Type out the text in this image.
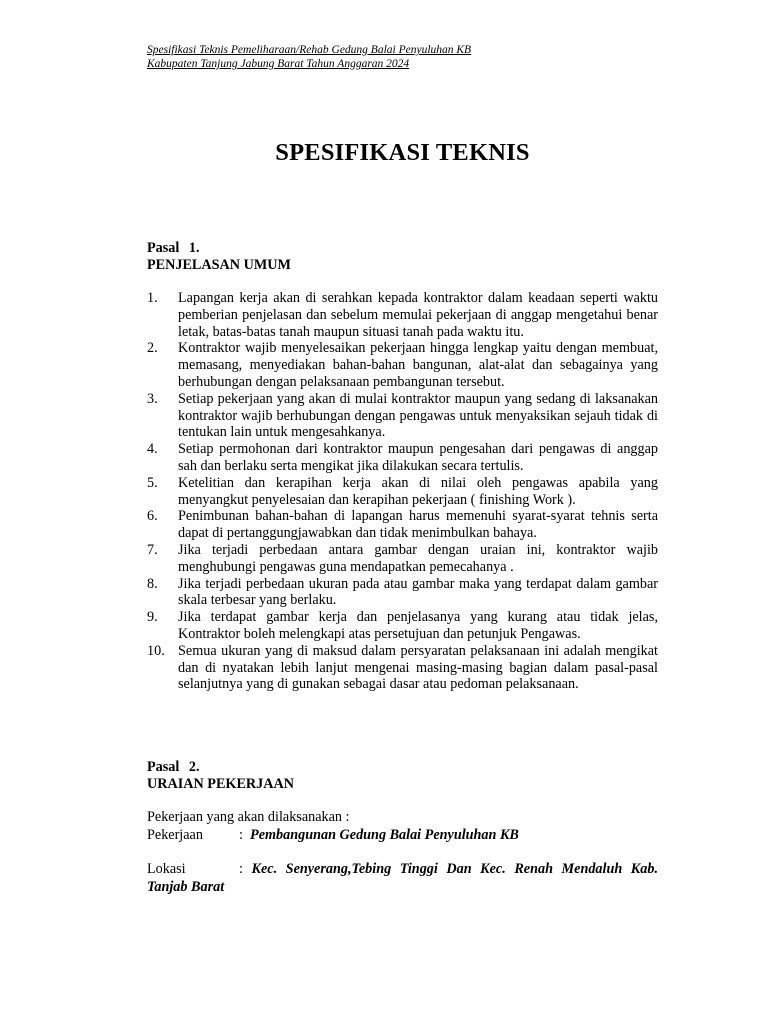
Spesifikasi Teknis Pemeliharaan/Rehab Gedung Balai Penyuluhan KB
Kabupaten Tanjung Jabung Barat Tahun Anggaran 2024
SPESIFIKASI TEKNIS
Pasal 1.
PENJELASAN UMUM
1. Lapangan kerja akan di serahkan kepada kontraktor dalam keadaan seperti waktu pemberian penjelasan dan sebelum memulai pekerjaan di anggap mengetahui benar letak, batas-batas tanah maupun situasi tanah pada waktu itu.
2. Kontraktor wajib menyelesaikan pekerjaan hingga lengkap yaitu dengan membuat, memasang, menyediakan bahan-bahan bangunan, alat-alat dan sebagainya yang berhubungan dengan pelaksanaan pembangunan tersebut.
3. Setiap pekerjaan yang akan di mulai kontraktor maupun yang sedang di laksanakan kontraktor wajib berhubungan dengan pengawas untuk menyaksikan sejauh tidak di tentukan lain untuk mengesahkanya.
4. Setiap permohonan dari kontraktor maupun pengesahan dari pengawas di anggap sah dan berlaku serta mengikat jika dilakukan secara tertulis.
5. Ketelitian dan kerapihan kerja akan di nilai oleh pengawas apabila yang menyangkut penyelesaian dan kerapihan pekerjaan ( finishing Work ).
6. Penimbunan bahan-bahan di lapangan harus memenuhi syarat-syarat tehnis serta dapat di pertanggungjawabkan dan tidak menimbulkan bahaya.
7. Jika terjadi perbedaan antara gambar dengan uraian ini, kontraktor wajib menghubungi pengawas guna mendapatkan pemecahanya .
8. Jika terjadi perbedaan ukuran pada atau gambar maka yang terdapat dalam gambar skala terbesar yang berlaku.
9. Jika terdapat gambar kerja dan penjelasanya yang kurang atau tidak jelas, Kontraktor boleh melengkapi atas persetujuan dan petunjuk Pengawas.
10. Semua ukuran yang di maksud dalam persyaratan pelaksanaan ini adalah mengikat dan di nyatakan lebih lanjut mengenai masing-masing bagian dalam pasal-pasal selanjutnya yang di gunakan sebagai dasar atau pedoman pelaksanaan.
Pasal 2.
URAIAN PEKERJAAN
Pekerjaan yang akan dilaksanakan :
Pekerjaan	: Pembangunan Gedung Balai Penyuluhan KB
Lokasi	: Kec. Senyerang,Tebing Tinggi Dan Kec. Renah Mendaluh Kab. Tanjab Barat
